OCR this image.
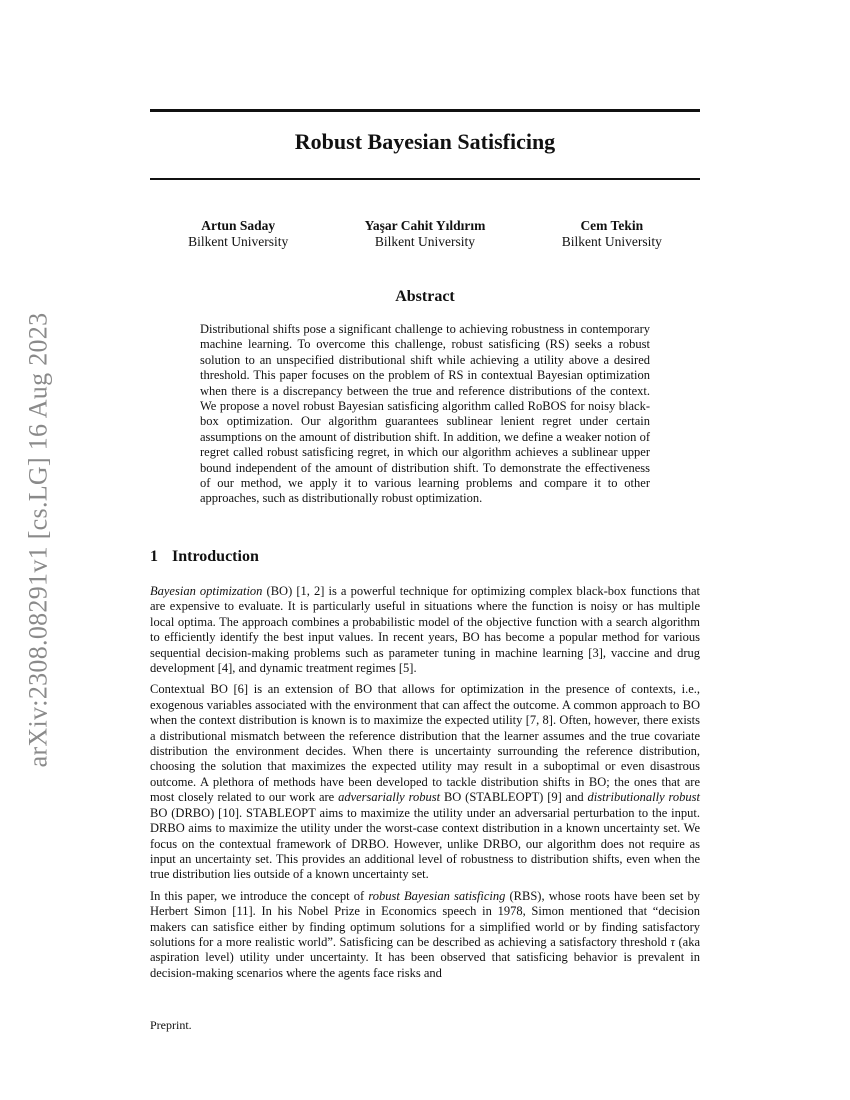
arXiv:2308.08291v1 [cs.LG] 16 Aug 2023
Robust Bayesian Satisficing
Artun Saday
Bilkent University
Yaşar Cahit Yıldırım
Bilkent University
Cem Tekin
Bilkent University
Abstract

Distributional shifts pose a significant challenge to achieving robustness in contemporary machine learning. To overcome this challenge, robust satisficing (RS) seeks a robust solution to an unspecified distributional shift while achieving a utility above a desired threshold. This paper focuses on the problem of RS in contextual Bayesian optimization when there is a discrepancy between the true and reference distributions of the context. We propose a novel robust Bayesian satisficing algorithm called RoBOS for noisy black-box optimization. Our algorithm guarantees sublinear lenient regret under certain assumptions on the amount of distribution shift. In addition, we define a weaker notion of regret called robust satisficing regret, in which our algorithm achieves a sublinear upper bound independent of the amount of distribution shift. To demonstrate the effectiveness of our method, we apply it to various learning problems and compare it to other approaches, such as distributionally robust optimization.

1 Introduction

Bayesian optimization (BO) [1, 2] is a powerful technique for optimizing complex black-box functions that are expensive to evaluate. It is particularly useful in situations where the function is noisy or has multiple local optima. The approach combines a probabilistic model of the objective function with a search algorithm to efficiently identify the best input values. In recent years, BO has become a popular method for various sequential decision-making problems such as parameter tuning in machine learning [3], vaccine and drug development [4], and dynamic treatment regimes [5].

Contextual BO [6] is an extension of BO that allows for optimization in the presence of contexts, i.e., exogenous variables associated with the environment that can affect the outcome. A common approach to BO when the context distribution is known is to maximize the expected utility [7, 8]. Often, however, there exists a distributional mismatch between the reference distribution that the learner assumes and the true covariate distribution the environment decides. When there is uncertainty surrounding the reference distribution, choosing the solution that maximizes the expected utility may result in a suboptimal or even disastrous outcome. A plethora of methods have been developed to tackle distribution shifts in BO; the ones that are most closely related to our work are adversarially robust BO (STABLEOPT) [9] and distributionally robust BO (DRBO) [10]. STABLEOPT aims to maximize the utility under an adversarial perturbation to the input. DRBO aims to maximize the utility under the worst-case context distribution in a known uncertainty set. We focus on the contextual framework of DRBO. However, unlike DRBO, our algorithm does not require as input an uncertainty set. This provides an additional level of robustness to distribution shifts, even when the true distribution lies outside of a known uncertainty set.

In this paper, we introduce the concept of robust Bayesian satisficing (RBS), whose roots have been set by Herbert Simon [11]. In his Nobel Prize in Economics speech in 1978, Simon mentioned that “decision makers can satisfice either by finding optimum solutions for a simplified world or by finding satisfactory solutions for a more realistic world”. Satisficing can be described as achieving a satisfactory threshold τ (aka aspiration level) utility under uncertainty. It has been observed that satisficing behavior is prevalent in decision-making scenarios where the agents face risks and

Preprint.
